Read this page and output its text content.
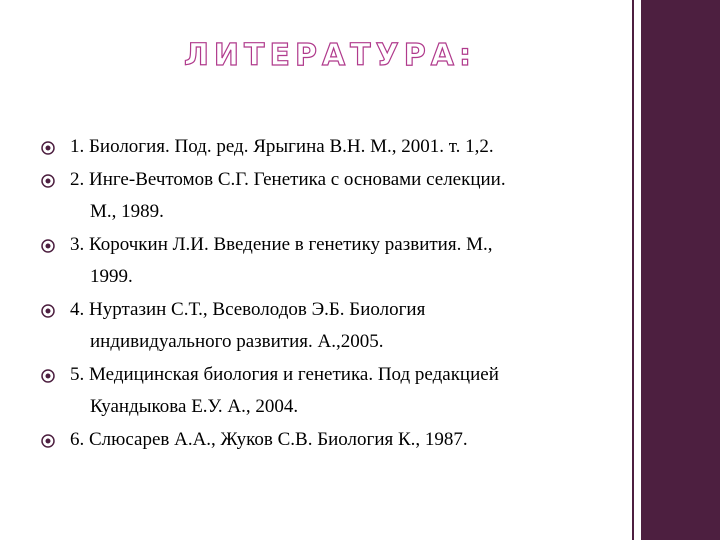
ЛИТЕРАТУРА:
1. Биология. Под. ред. Ярыгина В.Н. М., 2001. т. 1,2.
2. Инге-Вечтомов С.Г. Генетика с основами селекции.
М., 1989.
3. Корочкин Л.И. Введение в генетику развития. М.,
1999.
4. Нуртазин С.Т., Всеволодов Э.Б. Биология
индивидуального развития. А.,2005.
5. Медицинская биология и генетика. Под редакцией
Куандыкова Е.У. А., 2004.
6. Слюсарев А.А., Жуков С.В. Биология К., 1987.
